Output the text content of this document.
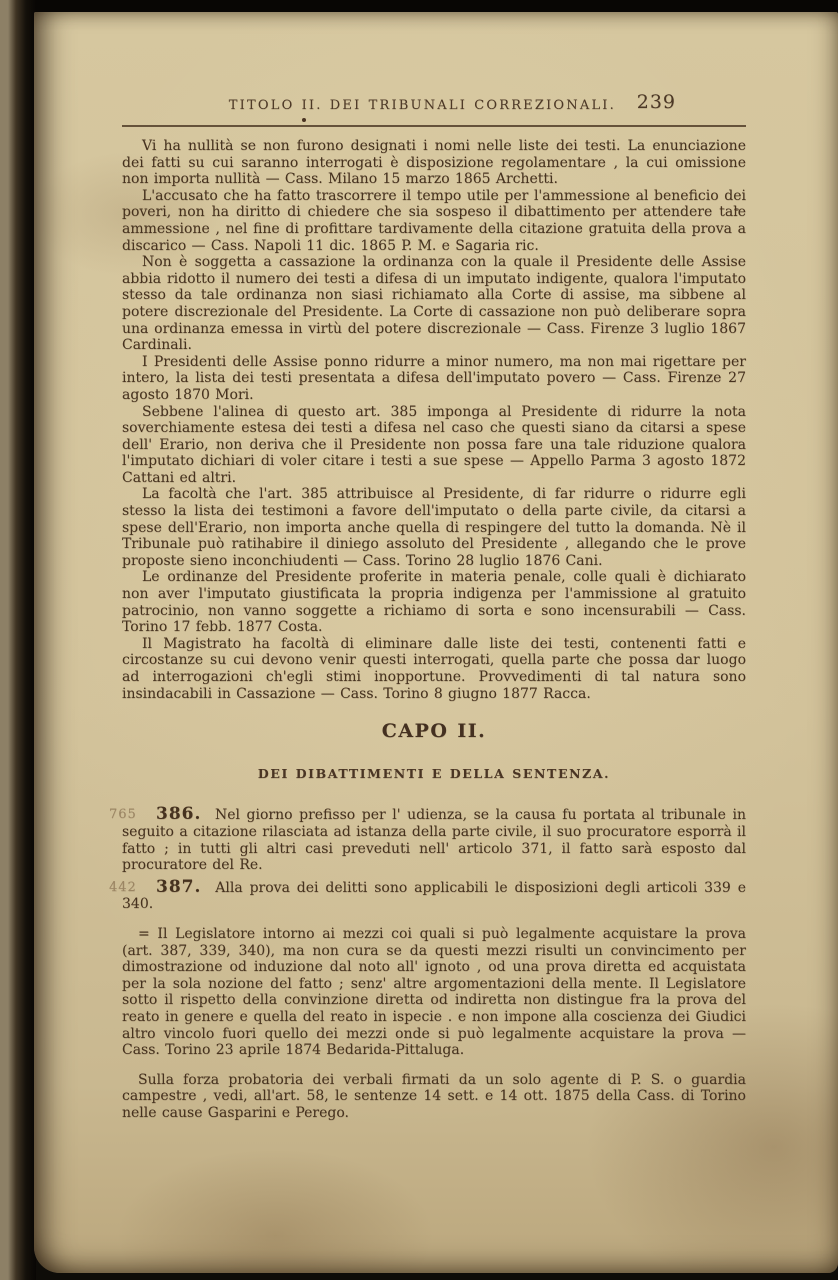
TITOLO II. DEI TRIBUNALI CORREZIONALI. 239

Vi ha nullità se non furono designati i nomi nelle liste dei testi. La enunciazione dei fatti su cui saranno interrogati è disposizione regolamentare , la cui omissione non importa nullità — Cass. Milano 15 marzo 1865 Archetti.

L'accusato che ha fatto trascorrere il tempo utile per l'ammessione al beneficio dei poveri, non ha diritto di chiedere che sia sospeso il dibattimento per attendere tale ammessione , nel fine di profittare tardivamente della citazione gratuita della prova a discarico — Cass. Napoli 11 dic. 1865 P. M. e Sagaria ric.

Non è soggetta a cassazione la ordinanza con la quale il Presidente delle Assise abbia ridotto il numero dei testi a difesa di un imputato indigente, qualora l'imputato stesso da tale ordinanza non siasi richiamato alla Corte di assise, ma sibbene al potere discrezionale del Presidente. La Corte di cassazione non può deliberare sopra una ordinanza emessa in virtù del potere discrezionale — Cass. Firenze 3 luglio 1867 Cardinali.

I Presidenti delle Assise ponno ridurre a minor numero, ma non mai rigettare per intero, la lista dei testi presentata a difesa dell'imputato povero — Cass. Firenze 27 agosto 1870 Mori.

Sebbene l'alinea di questo art. 385 imponga al Presidente di ridurre la nota soverchiamente estesa dei testi a difesa nel caso che questi siano da citarsi a spese dell' Erario, non deriva che il Presidente non possa fare una tale riduzione qualora l'imputato dichiari di voler citare i testi a sue spese — Appello Parma 3 agosto 1872 Cattani ed altri.

La facoltà che l'art. 385 attribuisce al Presidente, di far ridurre o ridurre egli stesso la lista dei testimoni a favore dell'imputato o della parte civile, da citarsi a spese dell'Erario, non importa anche quella di respingere del tutto la domanda. Nè il Tribunale può ratihabire il diniego assoluto del Presidente , allegando che le prove proposte sieno inconchiudenti — Cass. Torino 28 luglio 1876 Cani.

Le ordinanze del Presidente proferite in materia penale, colle quali è dichiarato non aver l'imputato giustificata la propria indigenza per l'ammissione al gratuito patrocinio, non vanno soggette a richiamo di sorta e sono incensurabili — Cass. Torino 17 febb. 1877 Costa.

Il Magistrato ha facoltà di eliminare dalle liste dei testi, contenenti fatti e circostanze su cui devono venir questi interrogati, quella parte che possa dar luogo ad interrogazioni ch'egli stimi inopportune. Provvedimenti di tal natura sono insindacabili in Cassazione — Cass. Torino 8 giugno 1877 Racca.

CAPO II.
DEI DIBATTIMENTI E DELLA SENTENZA.

765 386. Nel giorno prefisso per l' udienza, se la causa fu portata al tribunale in seguito a citazione rilasciata ad istanza della parte civile, il suo procuratore esporrà il fatto ; in tutti gli altri casi preveduti nell' articolo 371, il fatto sarà esposto dal procuratore del Re.

442 387. Alla prova dei delitti sono applicabili le disposizioni degli articoli 339 e 340.

= Il Legislatore intorno ai mezzi coi quali si può legalmente acquistare la prova (art. 387, 339, 340), ma non cura se da questi mezzi risulti un convincimento per dimostrazione od induzione dal noto all' ignoto , od una prova diretta ed acquistata per la sola nozione del fatto ; senz' altre argomentazioni della mente. Il Legislatore sotto il rispetto della convinzione diretta od indiretta non distingue fra la prova del reato in genere e quella del reato in ispecie . e non impone alla coscienza dei Giudici altro vincolo fuori quello dei mezzi onde si può legalmente acquistare la prova — Cass. Torino 23 aprile 1874 Bedarida-Pittaluga.

Sulla forza probatoria dei verbali firmati da un solo agente di P. S. o guardia campestre , vedi, all'art. 58, le sentenze 14 sett. e 14 ott. 1875 della Cass. di Torino nelle cause Gasparini e Perego.
